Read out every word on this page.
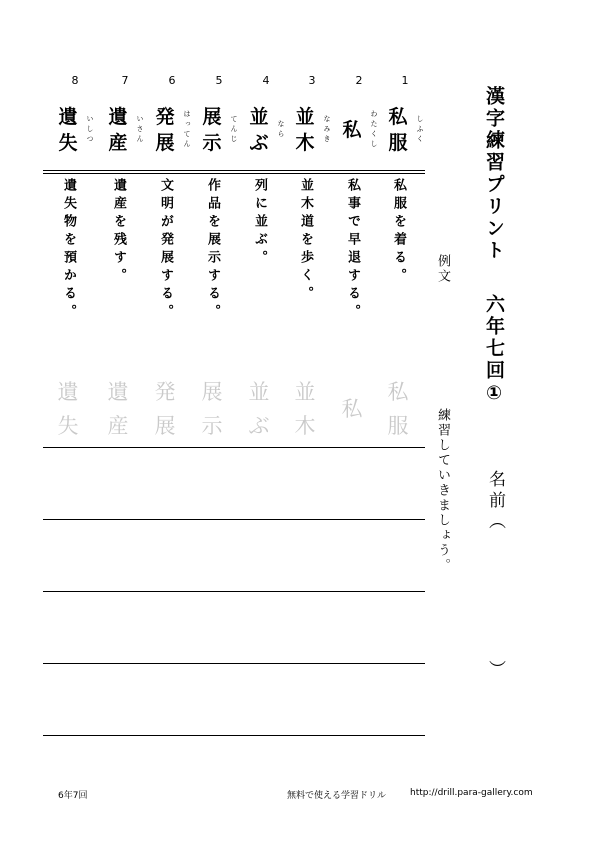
漢字練習プリント六年七回①
名前（
）
例文
練習していきましょう。
1
私
服 しふく
私服を着る。
私
服
2
私 わたくし
私事で早退する。
私
3
並
木 なみき
並木道を歩く。
並
木
4
並
ぶ
なら
列に並ぶ。
並
ぶ
5
展
示 てんじ
作品を展示する。
展
示
6
発
展 はってん
文明が発展する。
発
展
7
遺
産 いさん
遺産を残す。
遺
産
8
遺
失 いしつ
遺失物を預かる。
遺
失
6年7回	無料で使える学習ドリル	http://drill.para-gallery.com
